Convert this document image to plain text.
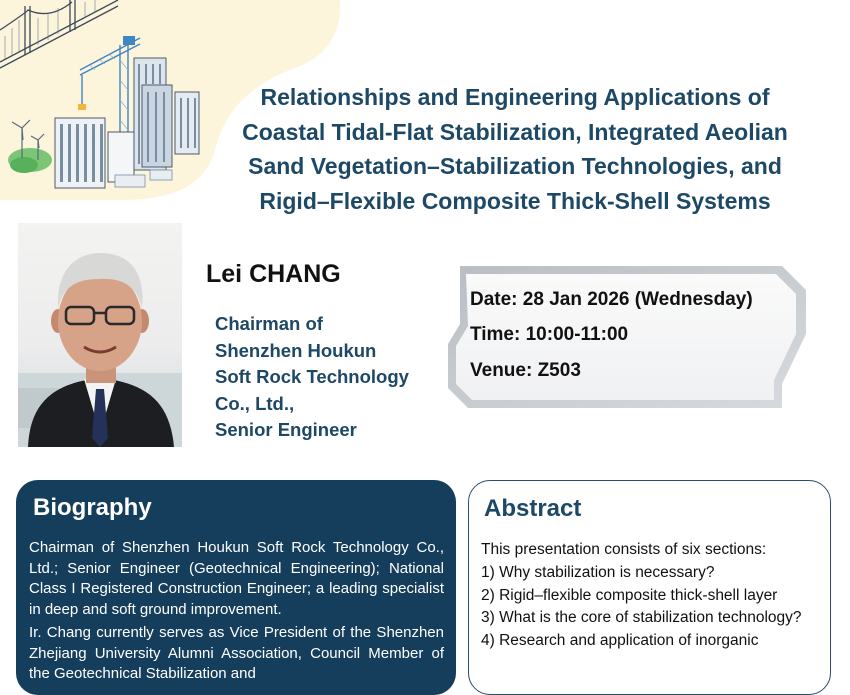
Relationships and Engineering Applications of
Coastal Tidal-Flat Stabilization, Integrated Aeolian
Sand Vegetation–Stabilization Technologies, and
Rigid–Flexible Composite Thick-Shell Systems
Lei CHANG
Chairman of
Shenzhen Houkun
Soft Rock Technology
Co., Ltd.,
Senior Engineer
Date: 28 Jan 2026 (Wednesday)
Time: 10:00-11:00
Venue: Z503
Biography

Chairman of Shenzhen Houkun Soft Rock Technology Co., Ltd.; Senior Engineer (Geotechnical Engineering); National Class I Registered Construction Engineer; a leading specialist in deep and soft ground improvement.

Ir. Chang currently serves as Vice President of the Shenzhen Zhejiang University Alumni Association, Council Member of the Geotechnical Stabilization and

Abstract
This presentation consists of six sections:
1) Why stabilization is necessary?
2) Rigid–flexible composite thick-shell layer
3) What is the core of stabilization technology?
4) Research and application of inorganic
